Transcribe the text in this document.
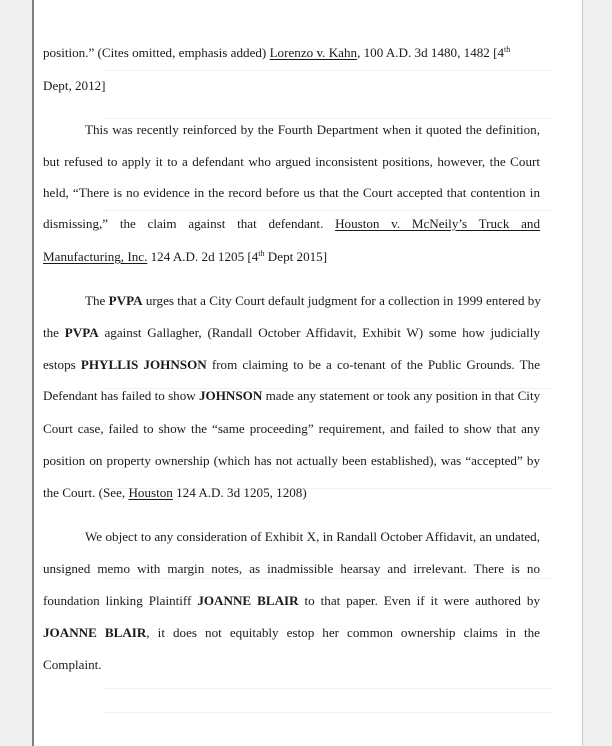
position.” (Cites omitted, emphasis added) Lorenzo v. Kahn, 100 A.D. 3d 1480, 1482 [4th
Dept, 2012]
This was recently reinforced by the Fourth Department when it quoted the definition,
but refused to apply it to a defendant who argued inconsistent positions, however, the Court
held, “There is no evidence in the record before us that the Court accepted that contention in
dismissing,” the claim against that defendant. Houston v. McNeily’s Truck and
Manufacturing, Inc. 124 A.D. 2d 1205 [4th Dept 2015]
The PVPA urges that a City Court default judgment for a collection in 1999 entered by
the PVPA against Gallagher, (Randall October Affidavit, Exhibit W) some how judicially
estops PHYLLIS JOHNSON from claiming to be a co-tenant of the Public Grounds. The
Defendant has failed to show JOHNSON made any statement or took any position in that City
Court case, failed to show the “same proceeding” requirement, and failed to show that any
position on property ownership (which has not actually been established), was “accepted” by
the Court. (See, Houston 124 A.D. 3d 1205, 1208)
We object to any consideration of Exhibit X, in Randall October Affidavit, an undated,
unsigned memo with margin notes, as inadmissible hearsay and irrelevant. There is no
foundation linking Plaintiff JOANNE BLAIR to that paper. Even if it were authored by
JOANNE BLAIR, it does not equitably estop her common ownership claims in the
Complaint.
